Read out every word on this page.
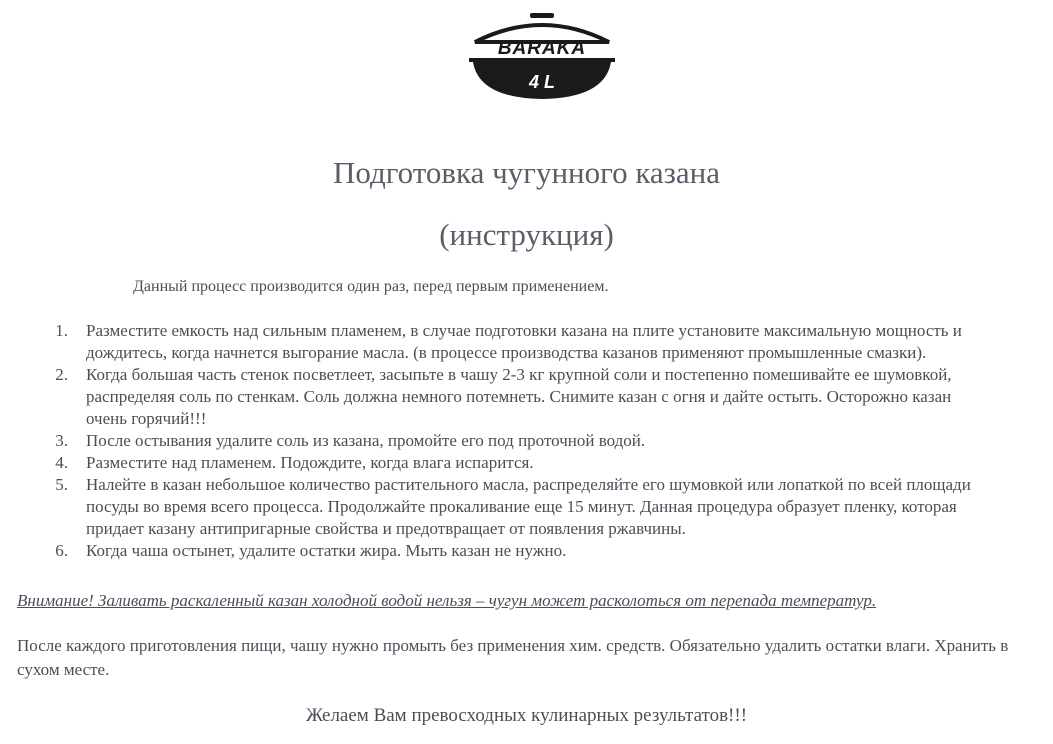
BARAKA
4 L
Подготовка чугунного казана
(инструкция)
Данный процесс производится один раз, перед первым применением.
1. Разместите емкость над сильным пламенем, в случае подготовки казана на плите установите максимальную мощность и дождитесь, когда начнется выгорание масла. (в процессе производства казанов применяют промышленные смазки).
2. Когда большая часть стенок посветлеет, засыпьте в чашу 2-3 кг крупной соли и постепенно помешивайте ее шумовкой, распределяя соль по стенкам. Соль должна немного потемнеть. Снимите казан с огня и дайте остыть. Осторожно казан очень горячий!!!
3. После остывания удалите соль из казана, промойте его под проточной водой.
4. Разместите над пламенем. Подождите, когда влага испарится.
5. Налейте в казан небольшое количество растительного масла, распределяйте его шумовкой или лопаткой по всей площади посуды во время всего процесса. Продолжайте прокаливание еще 15 минут. Данная процедура образует пленку, которая придает казану антипригарные свойства и предотвращает от появления ржавчины.
6. Когда чаша остынет, удалите остатки жира. Мыть казан не нужно.
Внимание! Заливать раскаленный казан холодной водой нельзя – чугун может расколоться от перепада температур.
После каждого приготовления пищи, чашу нужно промыть без применения хим. средств. Обязательно удалить остатки влаги. Хранить в сухом месте.
Желаем Вам превосходных кулинарных результатов!!!
